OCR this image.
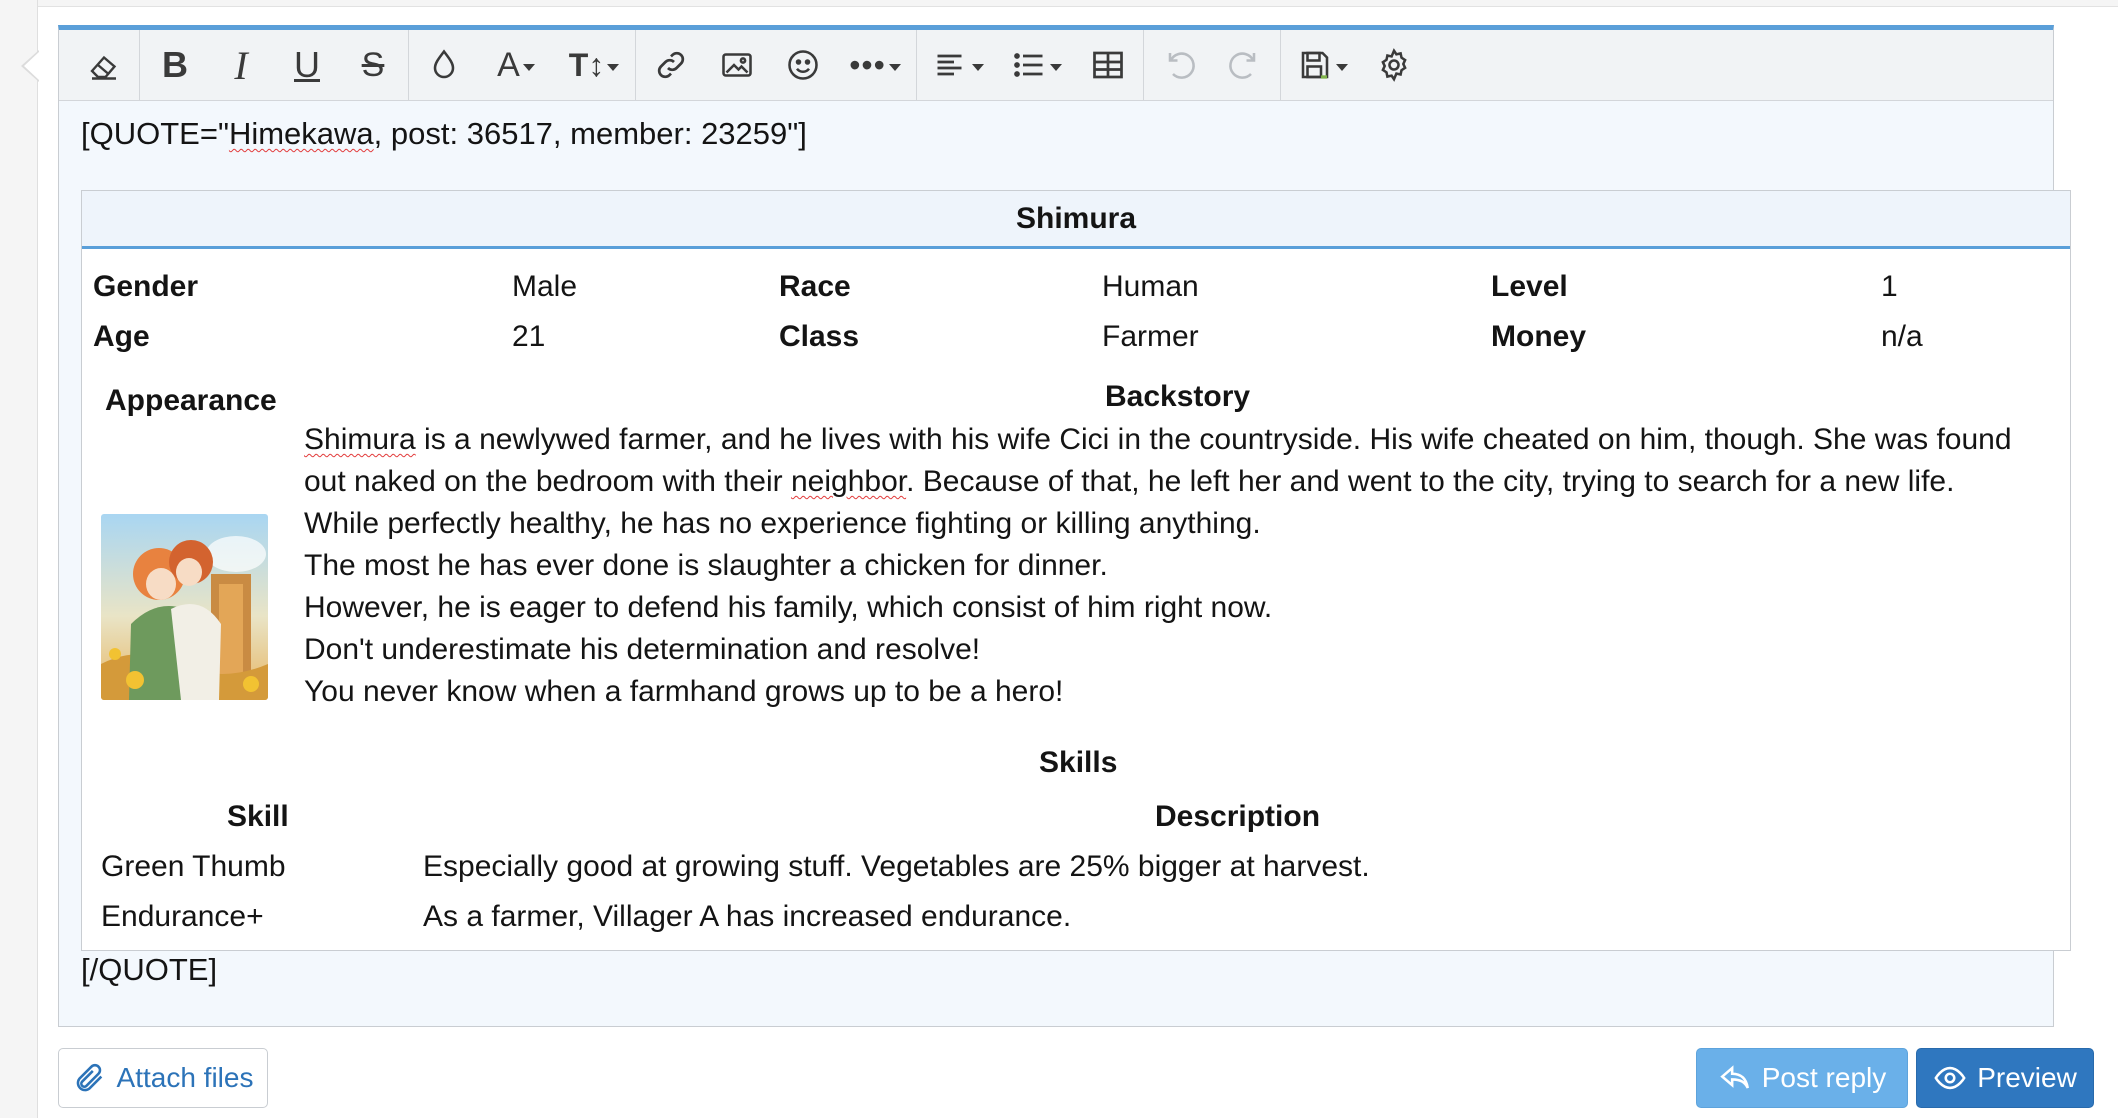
B I U S	A T↕	•••
[QUOTE="Himekawa, post: 36517, member: 23259"]
Shimura
Gender	Male	Race	Human	Level	1
Age	21	Class	Farmer	Money	n/a
Appearance	Backstory

Shimura is a newlywed farmer, and he lives with his wife Cici in the countryside. His wife cheated on him, though. She was found

out naked on the bedroom with their neighbor. Because of that, he left her and went to the city, trying to search for a new life.

While perfectly healthy, he has no experience fighting or killing anything.

The most he has ever done is slaughter a chicken for dinner.

However, he is eager to defend his family, which consist of him right now.

Don't underestimate his determination and resolve!

You never know when a farmhand grows up to be a hero!

Skills
Skill	Description
Green Thumb	Especially good at growing stuff. Vegetables are 25% bigger at harvest.
Endurance+	As a farmer, Villager A has increased endurance.
[/QUOTE]
Attach files	Post reply	Preview
